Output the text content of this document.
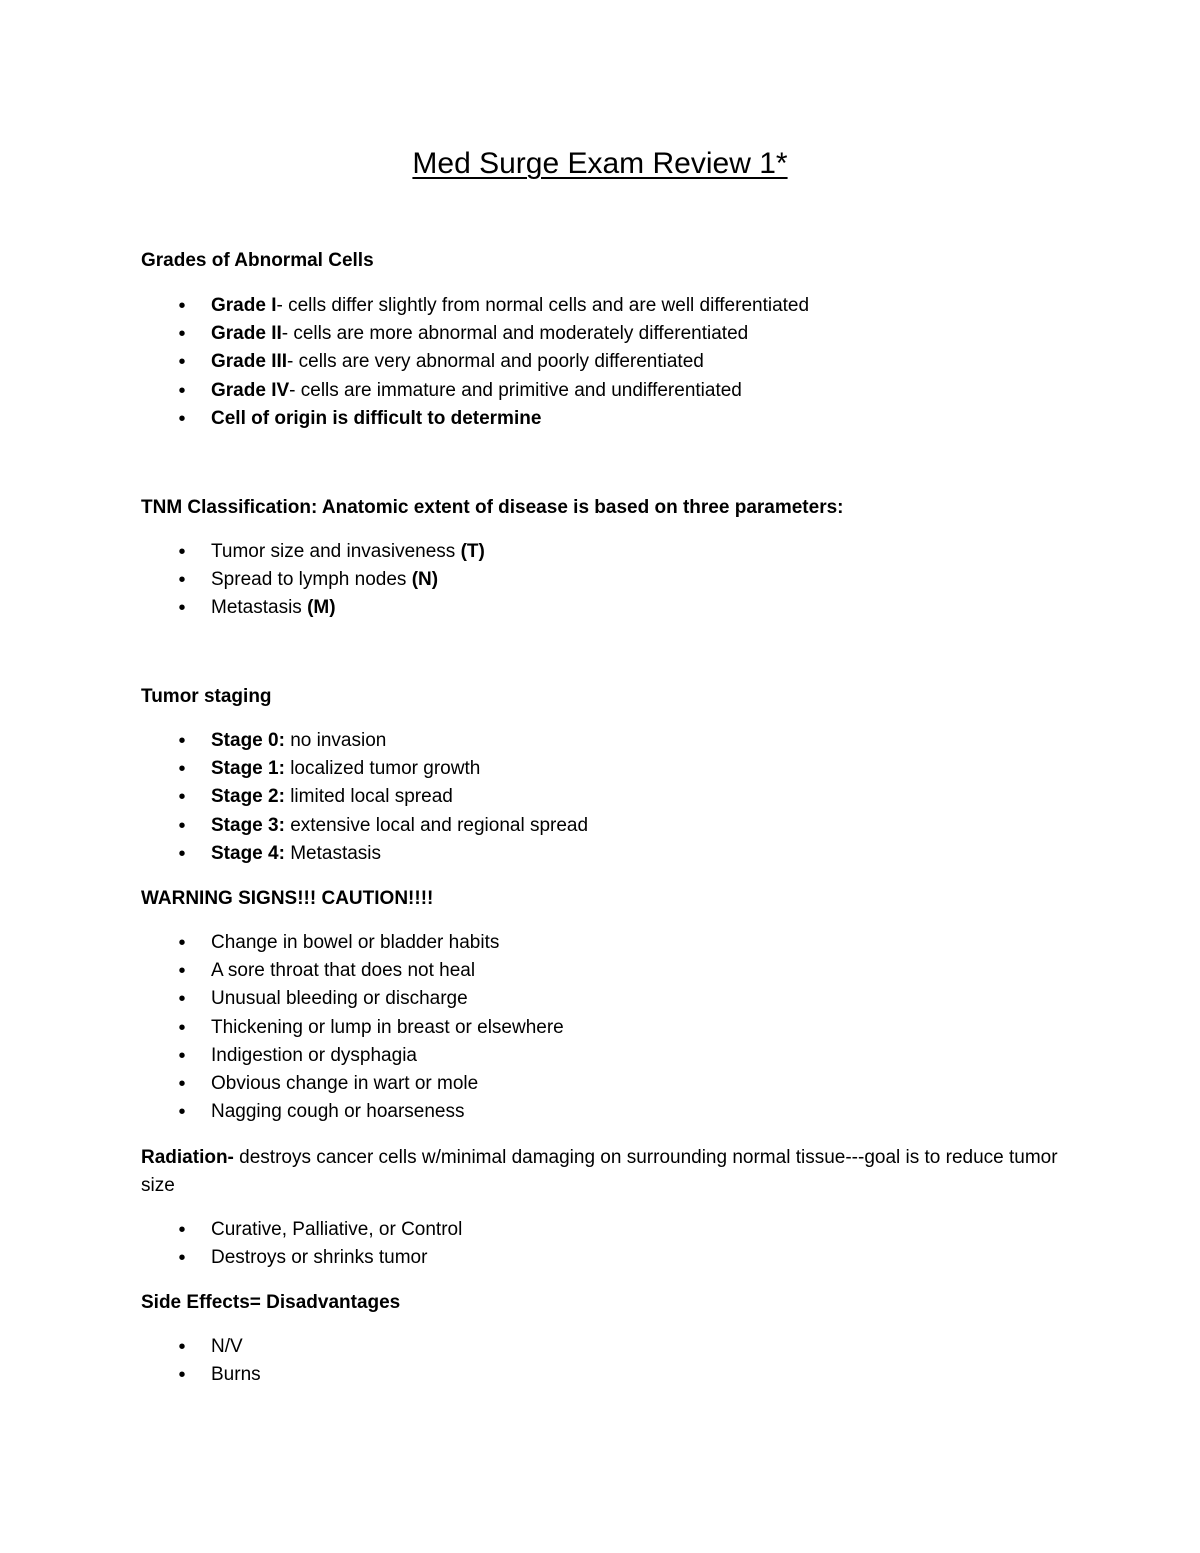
Med Surge Exam Review 1*
Grades of Abnormal Cells
•
Grade I- cells differ slightly from normal cells and are well differentiated
•
Grade II- cells are more abnormal and moderately differentiated
•
Grade III- cells are very abnormal and poorly differentiated
•
Grade IV- cells are immature and primitive and undifferentiated
•
Cell of origin is difficult to determine
TNM Classification: Anatomic extent of disease is based on three parameters:
•
Tumor size and invasiveness (T)
•
Spread to lymph nodes (N)
•
Metastasis (M)
Tumor staging
•
Stage 0: no invasion
•
Stage 1: localized tumor growth
•
Stage 2: limited local spread
•
Stage 3: extensive local and regional spread
•
Stage 4: Metastasis
WARNING SIGNS!!! CAUTION!!!!
•
Change in bowel or bladder habits
•
A sore throat that does not heal
•
Unusual bleeding or discharge
•
Thickening or lump in breast or elsewhere
•
Indigestion or dysphagia
•
Obvious change in wart or mole
•
Nagging cough or hoarseness
Radiation- destroys cancer cells w/minimal damaging on surrounding normal tissue---goal is to reduce tumor size
•
Curative, Palliative, or Control
•
Destroys or shrinks tumor
Side Effects= Disadvantages
•
N/V
•
Burns
